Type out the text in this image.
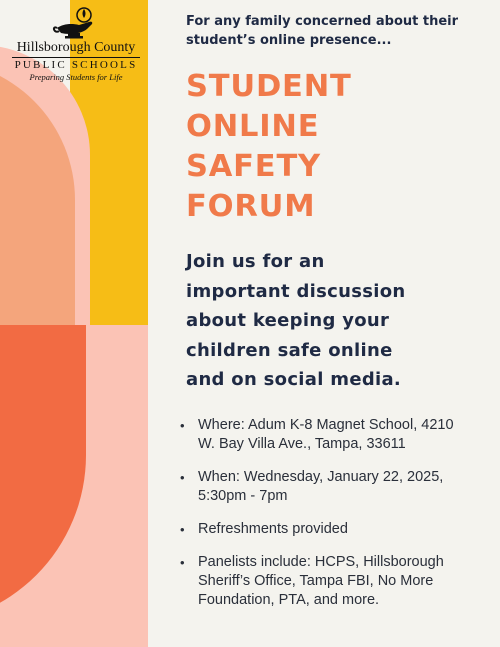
Hillsborough County
PUBLIC SCHOOLS
Preparing Students for Life

For any family concerned about their
student’s online presence...

STUDENT
ONLINE
SAFETY
FORUM
Join us for an
important discussion
about keeping your
children safe online
and on social media.
• Where: Adum K-8 Magnet School, 4210
W. Bay Villa Ave., Tampa, 33611
• When: Wednesday, January 22, 2025,
5:30pm - 7pm
• Refreshments provided
• Panelists include: HCPS, Hillsborough
Sheriff’s Office, Tampa FBI, No More
Foundation, PTA, and more.
